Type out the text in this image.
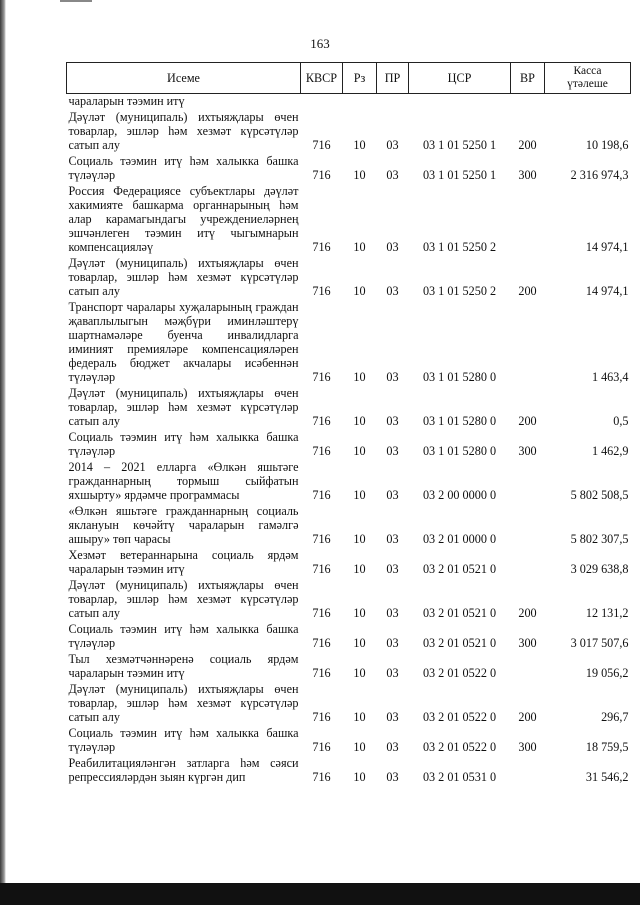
163
Исеме	КВСР	Рз	ПР	ЦСР	ВР	Касса
үтәлеше

чараларын тәэмин итү						
Дәүләт (муниципаль) ихтыяҗлары өчен товарлар, эшләр һәм хезмәт күрсәтүләр сатып алу	716	10	03	03 1 01 5250 1	200	10 198,6
Социаль тәэмин итү һәм халыкка башка түләүләр	716	10	03	03 1 01 5250 1	300	2 316 974,3
Россия Федерациясе субъектлары дәүләт хакимияте башкарма органнарының һәм алар карамагындагы учреждениеләрнең эшчәнлеген тәэмин итү чыгымнарын компенсацияләү	716	10	03	03 1 01 5250 2		14 974,1
Дәүләт (муниципаль) ихтыяҗлары өчен товарлар, эшләр һәм хезмәт күрсәтүләр сатып алу	716	10	03	03 1 01 5250 2	200	14 974,1
Транспорт чаралары хуҗаларының граждан җаваплылыгын мәҗбүри иминләштерү шартнамәләре буенча инвалидларга иминият премияләре компенсацияләрен федераль бюджет акчалары исәбеннән түләүләр	716	10	03	03 1 01 5280 0		1 463,4
Дәүләт (муниципаль) ихтыяҗлары өчен товарлар, эшләр һәм хезмәт күрсәтүләр сатып алу	716	10	03	03 1 01 5280 0	200	0,5
Социаль тәэмин итү һәм халыкка башка түләүләр	716	10	03	03 1 01 5280 0	300	1 462,9
2014 – 2021 елларга «Өлкән яшьтәге гражданнарның тормыш сыйфатын яхшырту» ярдәмче программасы	716	10	03	03 2 00 0000 0		5 802 508,5
«Өлкән яшьтәге гражданнарның социаль яклануын көчәйтү чараларын гамәлгә ашыру» төп чарасы	716	10	03	03 2 01 0000 0		5 802 307,5
Хезмәт ветераннарына социаль ярдәм чараларын тәэмин итү	716	10	03	03 2 01 0521 0		3 029 638,8
Дәүләт (муниципаль) ихтыяҗлары өчен товарлар, эшләр һәм хезмәт күрсәтүләр сатып алу	716	10	03	03 2 01 0521 0	200	12 131,2
Социаль тәэмин итү һәм халыкка башка түләүләр	716	10	03	03 2 01 0521 0	300	3 017 507,6
Тыл хезмәтчәннәренә социаль ярдәм чараларын тәэмин итү	716	10	03	03 2 01 0522 0		19 056,2
Дәүләт (муниципаль) ихтыяҗлары өчен товарлар, эшләр һәм хезмәт күрсәтүләр сатып алу	716	10	03	03 2 01 0522 0	200	296,7
Социаль тәэмин итү һәм халыкка башка түләүләр	716	10	03	03 2 01 0522 0	300	18 759,5
Реабилитацияләнгән затларга һәм сәяси репрессияләрдән зыян күргән дип	716	10	03	03 2 01 0531 0		31 546,2
